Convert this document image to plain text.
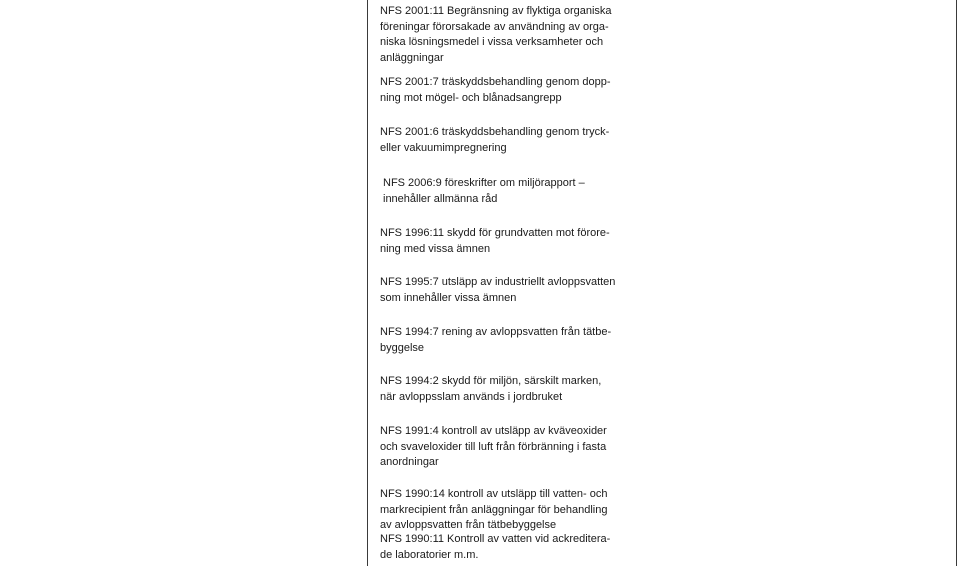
NFS 2001:11 Begränsning av flyktiga organiska
föreningar förorsakade av användning av orga-
niska lösningsmedel i vissa verksamheter och
anläggningar
NFS 2001:7 träskyddsbehandling genom dopp-
ning mot mögel- och blånadsangrepp
NFS 2001:6 träskyddsbehandling genom tryck-
eller vakuumimpregnering
NFS 2006:9 föreskrifter om miljörapport –
innehåller allmänna råd
NFS 1996:11 skydd för grundvatten mot förore-
ning med vissa ämnen
NFS 1995:7 utsläpp av industriellt avloppsvatten
som innehåller vissa ämnen
NFS 1994:7 rening av avloppsvatten från tätbe-
byggelse
NFS 1994:2 skydd för miljön, särskilt marken,
när avloppsslam används i jordbruket
NFS 1991:4 kontroll av utsläpp av kväveoxider
och svaveloxider till luft från förbränning i fasta
anordningar
NFS 1990:14 kontroll av utsläpp till vatten- och
markrecipient från anläggningar för behandling
av avloppsvatten från tätbebyggelse
NFS 1990:11 Kontroll av vatten vid ackreditera-
de laboratorier m.m.
